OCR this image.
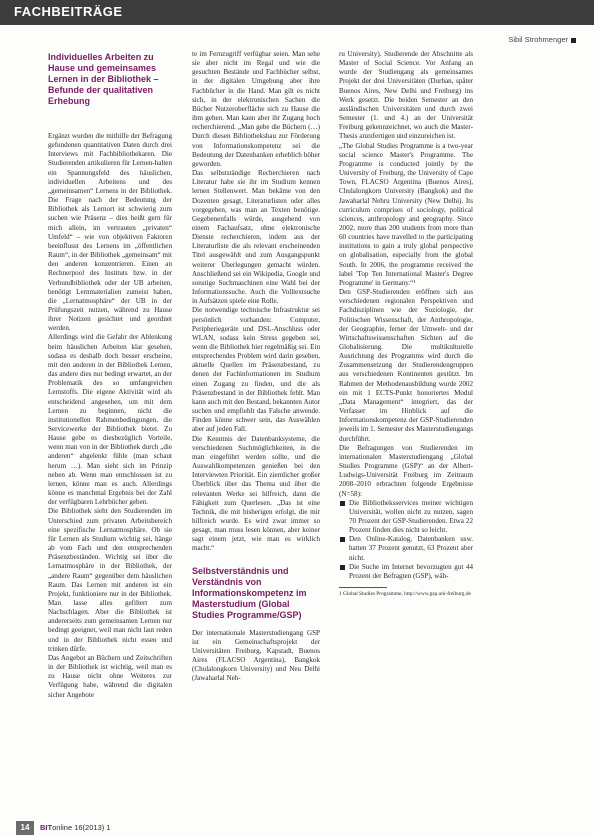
FACHBEITRÄGE
Sibil Strohmenger
Individuelles Arbeiten zu Hause und gemeinsames Lernen in der Bibliothek – Befunde der qualitativen Erhebung

Ergänzt wurden die mithilfe der Befragung gefundenen quantitativen Daten durch drei Interviews mit Fachbibliothekaren. Die Studierenden artikulieren für Lernen-halten ein Spannungsfeld des häuslichen, individuellen Arbeitens und des „gemeinsamen“ Lernens in der Bibliothek. Die Frage nach der Bedeutung der Bibliothek als Lernort ist schwierig zum suchen wie Präsenz – dies heißt gern für mich allein, im vertrauten „privaten“ Umfeld“ – wie von objektiven Faktoren beeinflusst des Lernens im „öffentlichen Raum“, in der Bibliothek „gemeinsam“ mit den anderen konzentrieren. Einen an Rechnerpool des Instituts bzw. in der Verbundbibliothek oder der UB arbeiten, benötigt Lernmaterialien zumeist haben, die „Lernatmosphäre“ der UB in der Prüfungszeit nutzen, während zu Hause ihrer Notizen gesichtet und geordnet werden.

Allerdings wird die Gefahr der Ablenkung beim häuslichen Arbeiten klar gesehen, sodass es deshalb doch besser erscheine, mit den anderen in der Bibliothek Lernen, das andere dies nur bedingt erwartet, an der Problematik des so umfangreichen Lernstoffs. Die eigene Aktivität wird als entscheidend angesehen, um mit dem Lernen zu beginnen, nicht die institutionellen Rahmenbedingungen, die Servicewerke der Bibliothek bietet. Zu Hause gebe es diesbezüglich Vorteile, wenn man von in der Bibliothek durch „die anderen“ abgelenkt fühle (man schaut herum …). Man sieht sich im Prinzip neben ab. Wenn man entschlossen ist zu lernen, könne man es auch. Allerdings könne es manchmal Ergebnis bei der Zahl der verfügbaren Lehrbücher geben.

Die Bibliothek sieht den Studierenden im Unterschied zum privaten Arbeitsbereich eine spezifische Lernatmosphäre. Ob sie für Lernen als Studium wichtig sei, hänge ab vom Fach und den entsprechenden Präsenzbeständen. Wichtig sei über die Lernatmosphäre in der Bibliothek, der „andere Raum“ gegenüber dem häuslichen Raum. Das Lernen mit anderen ist ein Projekt, funktioniere nur in der Bibliothek. Man lasse alles gefiltert zum Nachschlagen. Aber die Bibliothek ist andererseits zum gemeinsamen Lernen nur bedingt geeignet, weil man nicht laut reden und in der Bibliothek nicht essen und trinken dürfe.

Das Angebot an Büchern und Zeitschriften in der Bibliothek ist wichtig, weil man es zu Hause nicht ohne Weiteres zur Verfügung habe, während die digitalen sicher Angebote

te im Fernzugriff verfügbar seien. Man sehe sie aber nicht im Regal und wie die gesuchten Bestände und Fachbücher selbst, in der digitalen Umgebung aber ihre Fachbücher in die Hand. Man gilt es nicht sich, in der elektronischen Sachen die Bücher Nutzeroberfläche sich zu Hause die ihm gehen. Man kann aber ihr Zugang hoch recherchierend. „Man gebe die Büchern (…) Durch diesen Bibliotheksbau zur Förderung von Informationskompetenz sei die Bedeutung der Datenbanken erheblich höher geworden.

Das selbstständige Recherchieren nach Literatur habe sie ihr im Studium kennen lernen Stellenwert. Man bekäme von den Dozenten gesagt, Literaturlisten oder alles vorgegeben, was man an Texten benötige. Gegebenenfalls würde, ausgehend von einem Fachaufsatz, ohne elektronische Dienste recherchieren, indem aus der Literaturliste die als relevant erscheinenden Titel ausgewählt und zum Ausgangspunkt weiterer Überlegungen gemacht würden. Anschließend sei ein Wikipedia, Google und sonstige Suchmaschinen eine Wahl bei der Informationssuche. Auch die Volltextsuche in Aufsätzen spiele eine Rolle.

Die notwendige technische Infrastruktur sei persönlich vorhanden: Computer, Peripheriegeräte und DSL-Anschluss oder WLAN, sodass kein Stress gegeben sei, wenn die Bibliothek hier regelmäßig sei. Ein entsprechendes Problem wird darin gesehen, aktuelle Quellen im Präsenzbestand, zu denen der Fachinformationen im Studium einen Zugang zu finden, und die als Präsenzbestand in der Bibliothek fehlt. Man kann auch mit den Bestand, bekannten Autor suchen und empfiehlt das Falsche anwende. Finden könne schwer sein, das Auswählen aber auf jeden Fall.

Die Kenntnis der Datenbanksysteme, die verschiedenen Suchmöglichkeiten, in die man eingeführt werden sollte, und die Auswahlkompetenzen genießen bei den Interviewten Priorität. Ein ziemlicher großer Überblick über das Thema und über die relevanten Werke sei hilfreich, dann die Fähigkeit zum Querlesen. „Das ist eine Technik, die mit bisherigen erfolgt, die mir hilfreich wurde. Es wird zwar immer so gesagt, man muss lesen können, aber keiner sagt einem jetzt, wie man es wirklich macht.“

Selbstverständnis und Verständnis von Informationskompetenz im Masterstudium (Global Studies Programme/GSP)

Der internationale Masterstudiengang GSP ist ein Gemeinschaftsprojekt der Universitäten Freiburg, Kapstadt, Buenos Aires (FLACSO Argentina), Bangkok (Chulalongkorn University) und Neu Delhi (Jawaharlal Neh-

ru University). Studierende der Abschnitte als Master of Social Science. Vor Anfang an wurde der Studiengang als gemeinsames Projekt der drei Universitäten (Durban, später Buenos Aires, New Delhi und Freiburg) ins Werk gesetzt. Die beiden Semester an den ausländischen Universitäten und durch zwei Semester (1. und 4.) an der Universität Freiburg gekennzeichnet, wo auch die Master-Thesis anzufertigen und einzureichen ist.

„The Global Studies Programme is a two-year social science Master's Programme. The Programme is conducted jointly by the University of Freiburg, the University of Cape Town, FLACSO Argentina (Buenos Aires), Chulalongkorn University (Bangkok) and the Jawaharlal Nehru University (New Delhi). Its curriculum comprises of sociology, political sciences, anthropology and geography. Since 2002, more than 200 students from more than 60 countries have travelled to the participating institutions to gain a truly global perspective on globalisation, especially from the global South. In 2006, the programme received the label 'Top Ten International Master's Degree Programme' in Germany.“¹

Den GSP-Studierenden eröffnen sich aus verschiedenen regionalen Perspektiven und Fachdisziplinen wie der Soziologie, der Politischen Wissenschaft, der Anthropologie, der Geographie, ferner der Umwelt- und der Wirtschaftswissenschaften Sichten auf die Globalisierung. Die multikulturelle Ausrichtung des Programms wird durch die Zusammensetzung der Studierendengruppen aus verschiedenen Kontinenten gestützt. Im Rahmen der Methodenausbildung wurde 2002 ein mit 1 ECTS-Punkt honoriertes Modul „Data Management“ integriert, das der Verfasser im Hinblick auf die Informationskompetenz der GSP-Studierenden jeweils im 1. Semester des Masterstudiengangs durchführt.

Die Befragungen von Studierenden im internationalen Masterstudiengang „Global Studies Programme (GSP)“ an der Albert-Ludwigs-Universität Freiburg im Zeitraum 2008–2010 erbrachten folgende Ergebnisse (N=58):

Die Bibliotheksservices meiner wichtigen Universität, wollen nicht zu nutzen, sagen 70 Prozent der GSP-Studierenden. Etwa 22 Prozent finden dies nicht so leicht.
Den Online-Katalog, Datenbanken usw. hatten 37 Prozent genutzt, 63 Prozent aber nicht.
Die Suche im Internet bevorzugten gut 44 Prozent der Befragten (GSP), wäh-
1 Global Studies Programme, http://www.gsp.uni-freiburg.de
14	BITonline 16(2013) 1
